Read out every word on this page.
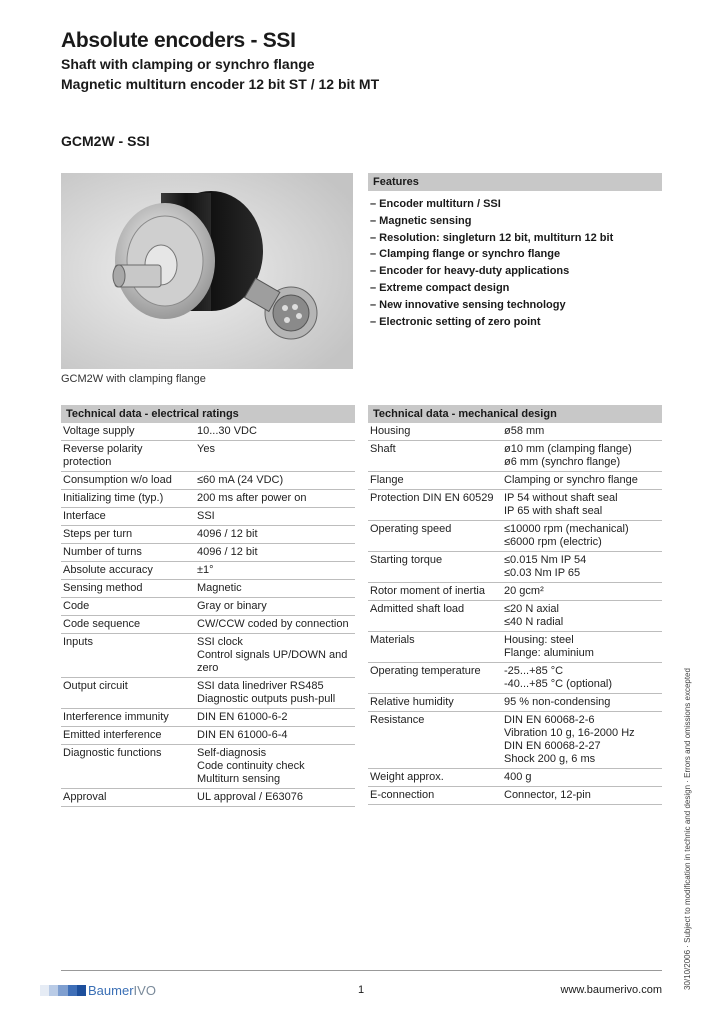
Absolute encoders - SSI
Shaft with clamping or synchro flange
Magnetic multiturn encoder 12 bit ST / 12 bit MT
GCM2W - SSI
GCM2W with clamping flange
Features
– Encoder multiturn / SSI
– Magnetic sensing
– Resolution: singleturn 12 bit, multiturn 12 bit
– Clamping flange or synchro flange
– Encoder for heavy-duty applications
– Extreme compact design
– New innovative sensing technology
– Electronic setting of zero point
Technical data - electrical ratings
Voltage supply	10...30 VDC
Reverse polarity protection	Yes
Consumption w/o load	≤60 mA (24 VDC)
Initializing time (typ.)	200 ms after power on
Interface	SSI
Steps per turn	4096 / 12 bit
Number of turns	4096 / 12 bit
Absolute accuracy	±1°
Sensing method	Magnetic
Code	Gray or binary
Code sequence	CW/CCW coded by connection
Inputs	SSI clock
Control signals UP/DOWN and
zero
Output circuit	SSI data linedriver RS485
Diagnostic outputs push-pull
Interference immunity	DIN EN 61000-6-2
Emitted interference	DIN EN 61000-6-4
Diagnostic functions	Self-diagnosis
Code continuity check
Multiturn sensing
Approval	UL approval / E63076
Technical data - mechanical design
Housing	ø58 mm
Shaft	ø10 mm (clamping flange)
ø6 mm (synchro flange)
Flange	Clamping or synchro flange
Protection DIN EN 60529	IP 54 without shaft seal
IP 65 with shaft seal
Operating speed	≤10000 rpm (mechanical)
≤6000 rpm (electric)
Starting torque	≤0.015 Nm IP 54
≤0.03 Nm IP 65
Rotor moment of inertia	20 gcm²
Admitted shaft load	≤20 N axial
≤40 N radial
Materials	Housing: steel
Flange: aluminium
Operating temperature	-25...+85 °C
-40...+85 °C (optional)
Relative humidity	95 % non-condensing
Resistance	DIN EN 60068-2-6
Vibration 10 g, 16-2000 Hz
DIN EN 60068-2-27
Shock 200 g, 6 ms
Weight approx.	400 g
E-connection	Connector, 12-pin	30/10/2006 · Subject to modification in technic and design · Errors and omissions excepted
BaumerIVO	1	www.baumerivo.com
